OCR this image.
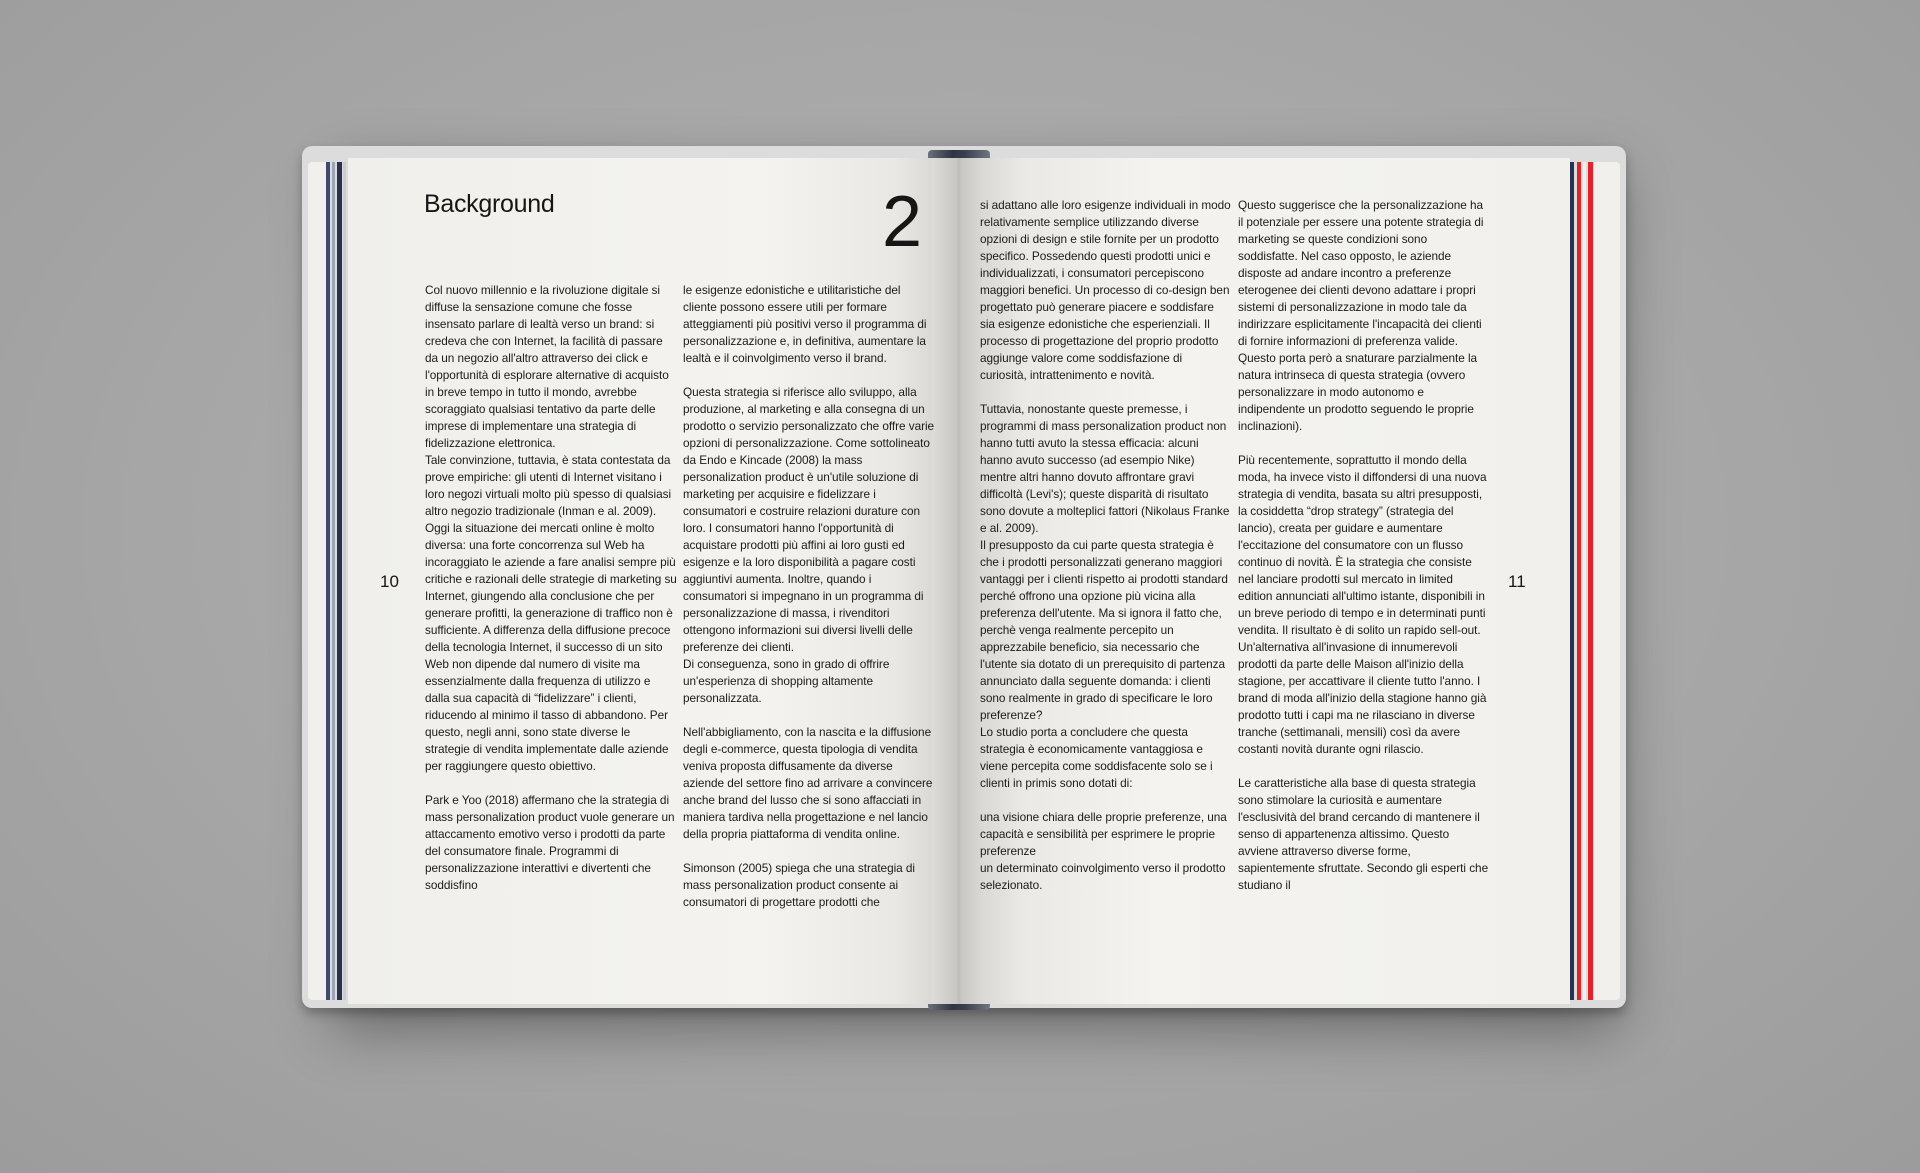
Background	2
10	11

Col nuovo millennio e la rivoluzione digitale si diffuse la sensazione comune che fosse insensato parlare di lealtà verso un brand: si credeva che con Internet, la facilità di passare da un negozio all'altro attraverso dei click e l'opportunità di esplorare alternative di acquisto in breve tempo in tutto il mondo, avrebbe scoraggiato qualsiasi tentativo da parte delle imprese di implementare una strategia di fidelizzazione elettronica.

Tale convinzione, tuttavia, è stata contestata da prove empiriche: gli utenti di Internet visitano i loro negozi virtuali molto più spesso di qualsiasi altro negozio tradizionale (Inman e al. 2009).

Oggi la situazione dei mercati online è molto diversa: una forte concorrenza sul Web ha incoraggiato le aziende a fare analisi sempre più critiche e razionali delle strategie di marketing su Internet, giungendo alla conclusione che per generare profitti, la generazione di traffico non è sufficiente. A differenza della diffusione precoce della tecnologia Internet, il successo di un sito Web non dipende dal numero di visite ma essenzialmente dalla frequenza di utilizzo e dalla sua capacità di “fidelizzare” i clienti, riducendo al minimo il tasso di abbandono. Per questo, negli anni, sono state diverse le strategie di vendita implementate dalle aziende per raggiungere questo obiettivo.

Park e Yoo (2018) affermano che la strategia di mass personalization product vuole generare un attaccamento emotivo verso i prodotti da parte del consumatore finale. Programmi di personalizzazione interattivi e divertenti che soddisfino

le esigenze edonistiche e utilitaristiche del cliente possono essere utili per formare atteggiamenti più positivi verso il programma di personalizzazione e, in definitiva, aumentare la lealtà e il coinvolgimento verso il brand.

Questa strategia si riferisce allo sviluppo, alla produzione, al marketing e alla consegna di un prodotto o servizio personalizzato che offre varie opzioni di personalizzazione. Come sottolineato da Endo e Kincade (2008) la mass personalization product è un'utile soluzione di marketing per acquisire e fidelizzare i consumatori e costruire relazioni durature con loro. I consumatori hanno l'opportunità di acquistare prodotti più affini ai loro gusti ed esigenze e la loro disponibilità a pagare costi aggiuntivi aumenta. Inoltre, quando i consumatori si impegnano in un programma di personalizzazione di massa, i rivenditori ottengono informazioni sui diversi livelli delle preferenze dei clienti.

Di conseguenza, sono in grado di offrire un'esperienza di shopping altamente personalizzata.

Nell'abbigliamento, con la nascita e la diffusione degli e-commerce, questa tipologia di vendita veniva proposta diffusamente da diverse aziende del settore fino ad arrivare a convincere anche brand del lusso che si sono affacciati in maniera tardiva nella progettazione e nel lancio della propria piattaforma di vendita online.

Simonson (2005) spiega che una strategia di mass personalization product consente ai consumatori di progettare prodotti che

si adattano alle loro esigenze individuali in modo relativamente semplice utilizzando diverse opzioni di design e stile fornite per un prodotto specifico. Possedendo questi prodotti unici e individualizzati, i consumatori percepiscono maggiori benefici. Un processo di co-design ben progettato può generare piacere e soddisfare sia esigenze edonistiche che esperienziali. Il processo di progettazione del proprio prodotto aggiunge valore come soddisfazione di curiosità, intrattenimento e novità.

Tuttavia, nonostante queste premesse, i programmi di mass personalization product non hanno tutti avuto la stessa efficacia: alcuni hanno avuto successo (ad esempio Nike) mentre altri hanno dovuto affrontare gravi difficoltà (Levi's); queste disparità di risultato sono dovute a molteplici fattori (Nikolaus Franke e al. 2009).

Il presupposto da cui parte questa strategia è che i prodotti personalizzati generano maggiori vantaggi per i clienti rispetto ai prodotti standard perché offrono una opzione più vicina alla preferenza dell'utente. Ma si ignora il fatto che, perchè venga realmente percepito un apprezzabile beneficio, sia necessario che l'utente sia dotato di un prerequisito di partenza annunciato dalla seguente domanda: i clienti sono realmente in grado di specificare le loro preferenze?

Lo studio porta a concludere che questa strategia è economicamente vantaggiosa e viene percepita come soddisfacente solo se i clienti in primis sono dotati di:

una visione chiara delle proprie preferenze, una capacità e sensibilità per esprimere le proprie preferenze

un determinato coinvolgimento verso il prodotto selezionato.

Questo suggerisce che la personalizzazione ha il potenziale per essere una potente strategia di marketing se queste condizioni sono soddisfatte. Nel caso opposto, le aziende disposte ad andare incontro a preferenze eterogenee dei clienti devono adattare i propri sistemi di personalizzazione in modo tale da indirizzare esplicitamente l'incapacità dei clienti di fornire informazioni di preferenza valide. Questo porta però a snaturare parzialmente la natura intrinseca di questa strategia (ovvero personalizzare in modo autonomo e indipendente un prodotto seguendo le proprie inclinazioni).

Più recentemente, soprattutto il mondo della moda, ha invece visto il diffondersi di una nuova strategia di vendita, basata su altri presupposti, la cosiddetta “drop strategy” (strategia del lancio), creata per guidare e aumentare l'eccitazione del consumatore con un flusso continuo di novità. È la strategia che consiste nel lanciare prodotti sul mercato in limited edition annunciati all'ultimo istante, disponibili in un breve periodo di tempo e in determinati punti vendita. Il risultato è di solito un rapido sell-out. Un'alternativa all'invasione di innumerevoli prodotti da parte delle Maison all'inizio della stagione, per accattivare il cliente tutto l'anno. I brand di moda all'inizio della stagione hanno già prodotto tutti i capi ma ne rilasciano in diverse tranche (settimanali, mensili) così da avere costanti novità durante ogni rilascio.

Le caratteristiche alla base di questa strategia sono stimolare la curiosità e aumentare l'esclusività del brand cercando di mantenere il senso di appartenenza altissimo. Questo avviene attraverso diverse forme, sapientemente sfruttate. Secondo gli esperti che studiano il
